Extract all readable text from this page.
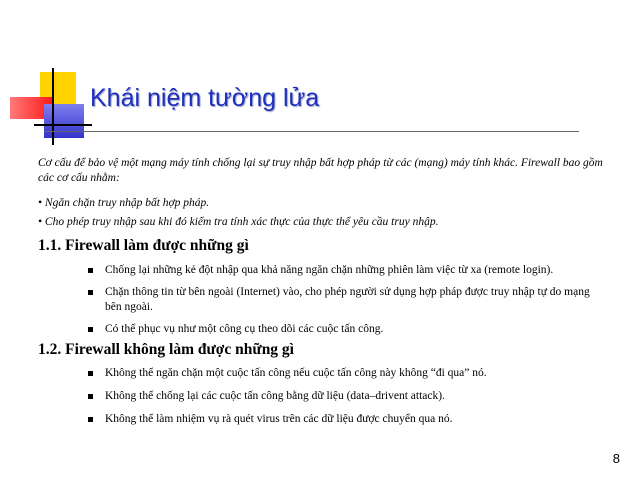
Khái niệm tường lửa

Cơ cấu để bảo vệ một mạng máy tính chống lại sự truy nhập bất hợp pháp từ các (mạng) máy tính khác. Firewall bao gồm các cơ cấu nhằm:

• Ngăn chặn truy nhập bất hợp pháp.

• Cho phép truy nhập sau khi đó kiểm tra tính xác thực của thực thể yêu cầu truy nhập.

1.1. Firewall làm được những gì
Chống lại những kẻ đột nhập qua khả năng ngăn chặn những phiên làm việc từ xa (remote login).
Chặn thông tin từ bên ngoài (Internet) vào, cho phép người sử dụng hợp pháp được truy nhập tự do mạng bên ngoài.
Có thể phục vụ như một công cụ theo dõi các cuộc tấn công.
1.2. Firewall không làm được những gì
Không thể ngăn chặn một cuộc tấn công nếu cuộc tấn công này không “đi qua” nó.
Không thể chống lại các cuộc tấn công bằng dữ liệu (data–drivent attack).
Không thể làm nhiệm vụ rà quét virus trên các dữ liệu được chuyển qua nó.
8
